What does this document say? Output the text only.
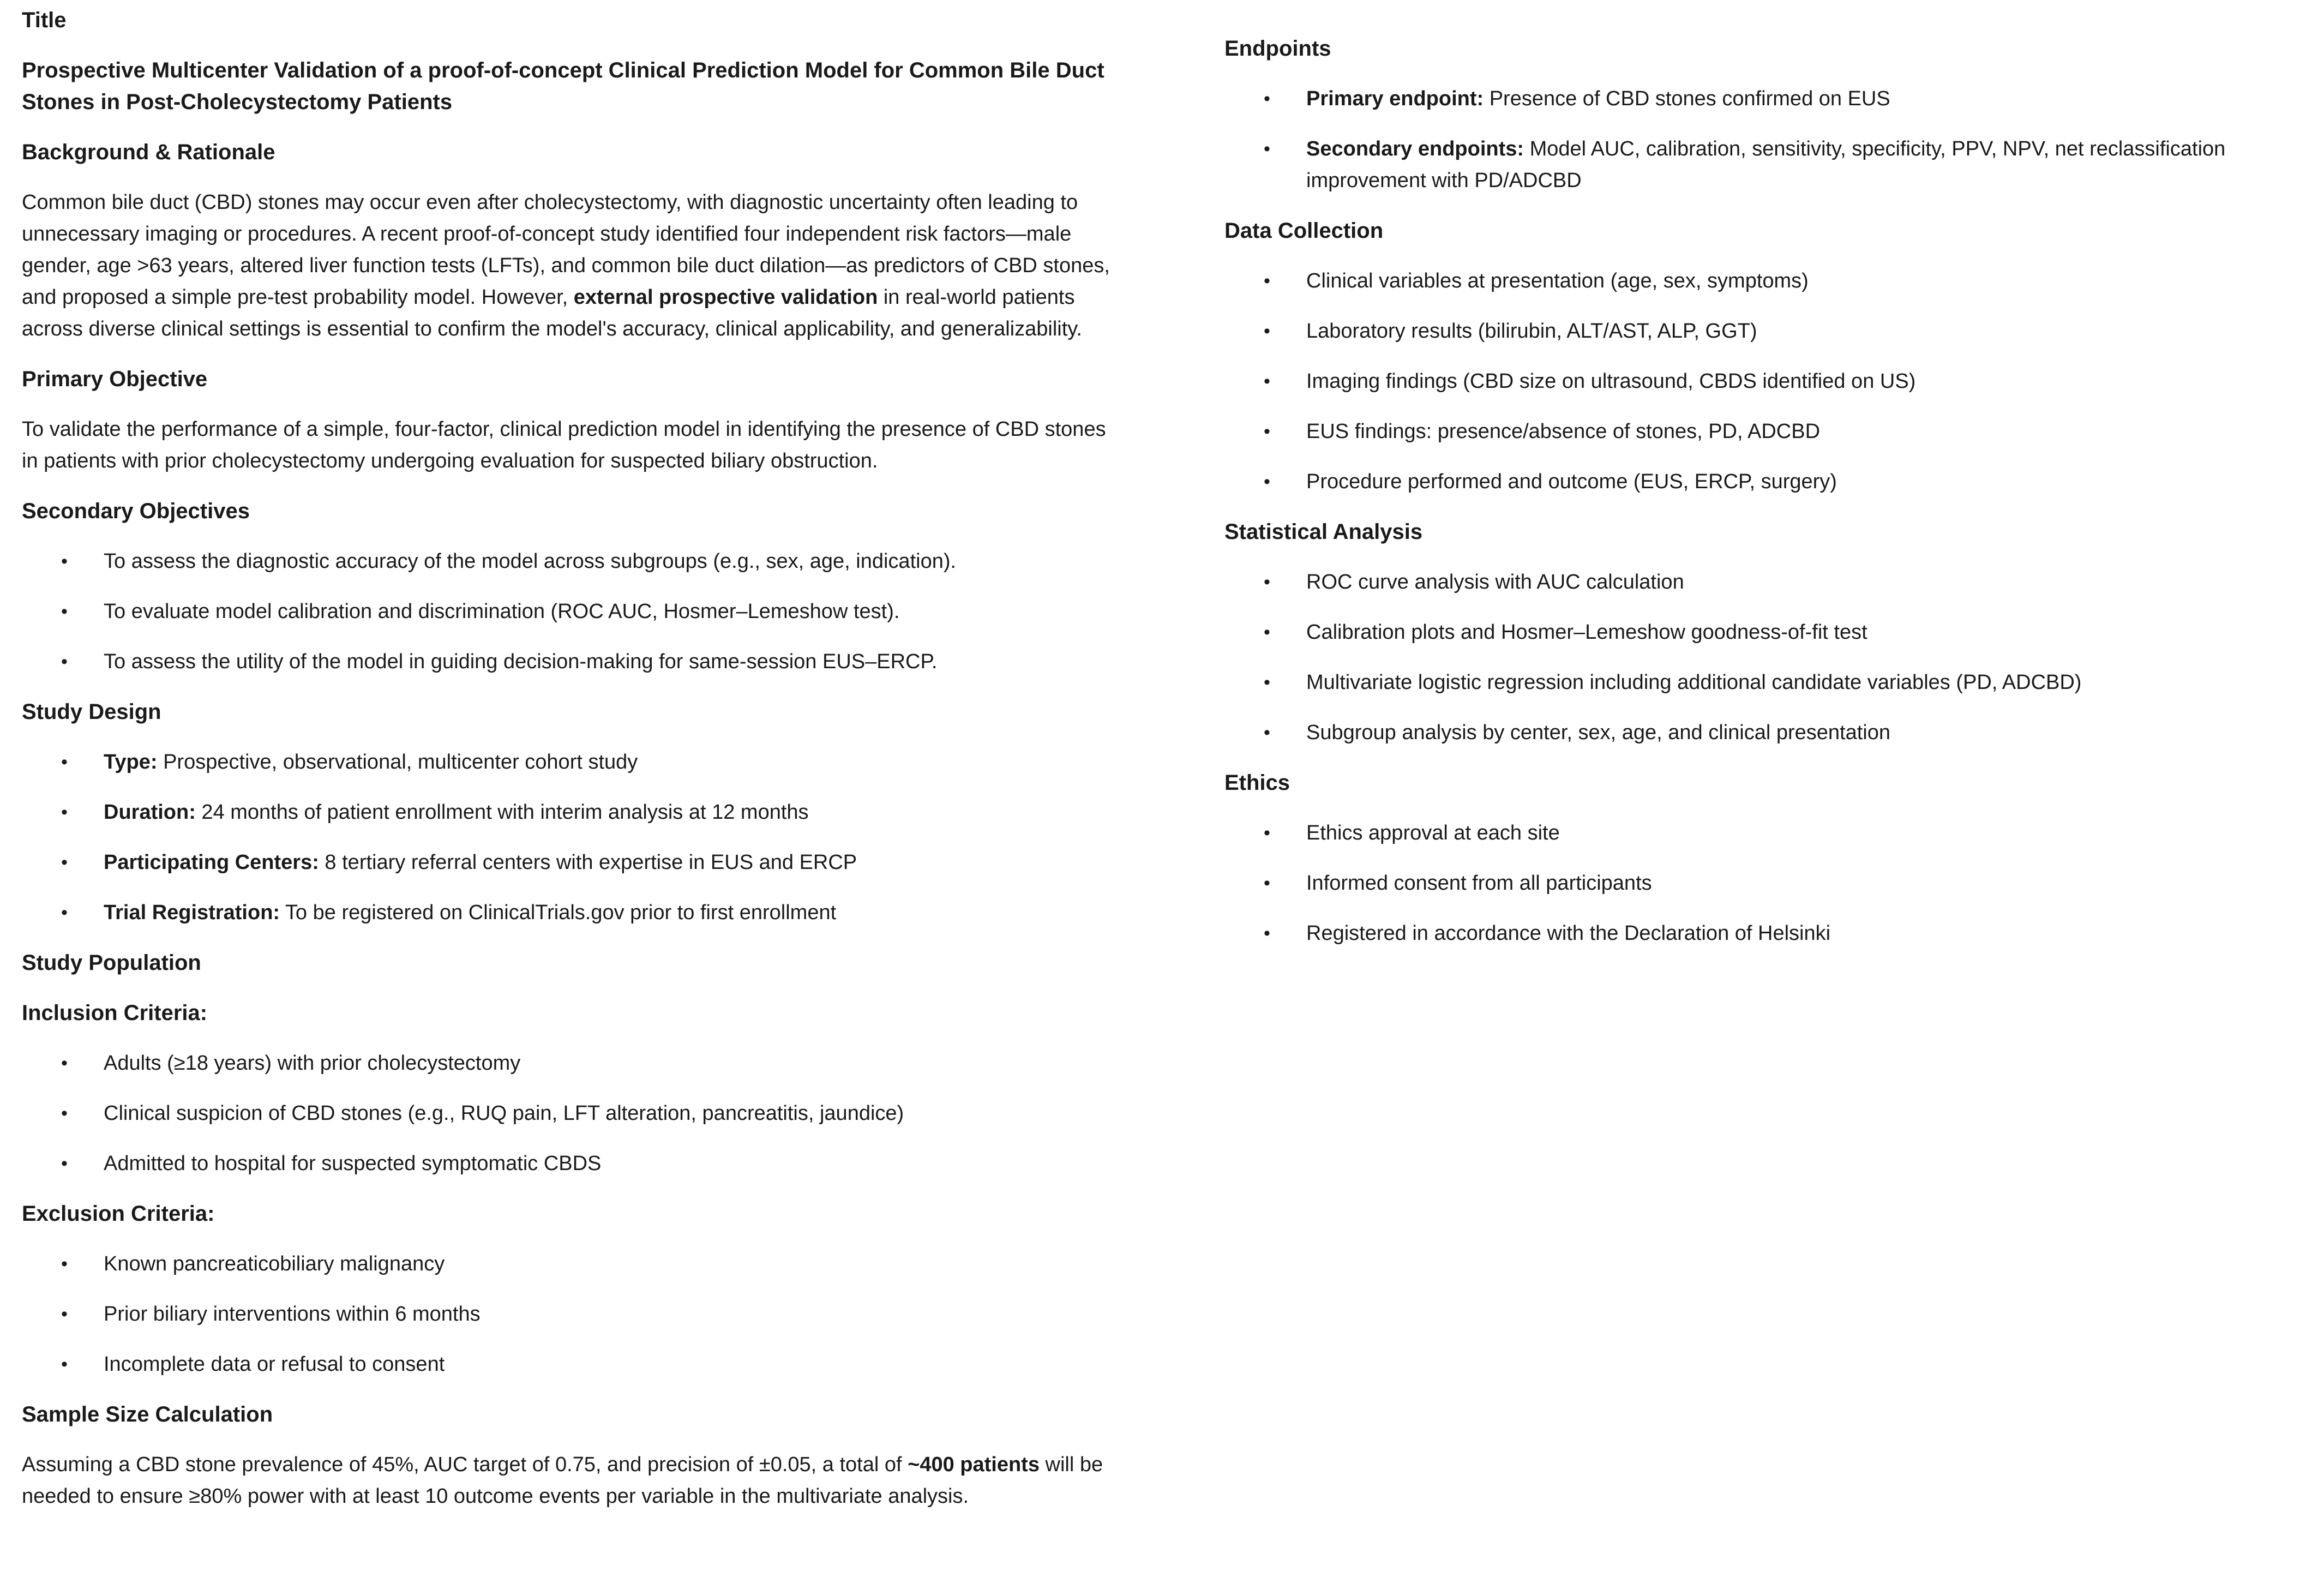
Title
Prospective Multicenter Validation of a proof-of-concept Clinical Prediction Model for Common Bile Duct Stones in Post-Cholecystectomy Patients
Background & Rationale
Common bile duct (CBD) stones may occur even after cholecystectomy, with diagnostic uncertainty often leading to unnecessary imaging or procedures. A recent proof-of-concept study identified four independent risk factors—male gender, age >63 years, altered liver function tests (LFTs), and common bile duct dilation—as predictors of CBD stones, and proposed a simple pre-test probability model. However, external prospective validation in real-world patients across diverse clinical settings is essential to confirm the model's accuracy, clinical applicability, and generalizability.
Primary Objective
To validate the performance of a simple, four-factor, clinical prediction model in identifying the presence of CBD stones in patients with prior cholecystectomy undergoing evaluation for suspected biliary obstruction.
Secondary Objectives
• To assess the diagnostic accuracy of the model across subgroups (e.g., sex, age, indication).
• To evaluate model calibration and discrimination (ROC AUC, Hosmer–Lemeshow test).
• To assess the utility of the model in guiding decision-making for same-session EUS–ERCP.
Study Design
• Type: Prospective, observational, multicenter cohort study
• Duration: 24 months of patient enrollment with interim analysis at 12 months
• Participating Centers: 8 tertiary referral centers with expertise in EUS and ERCP
• Trial Registration: To be registered on ClinicalTrials.gov prior to first enrollment
Study Population
Inclusion Criteria:
• Adults (≥18 years) with prior cholecystectomy
• Clinical suspicion of CBD stones (e.g., RUQ pain, LFT alteration, pancreatitis, jaundice)
• Admitted to hospital for suspected symptomatic CBDS
Exclusion Criteria:
• Known pancreaticobiliary malignancy
• Prior biliary interventions within 6 months
• Incomplete data or refusal to consent
Sample Size Calculation
Assuming a CBD stone prevalence of 45%, AUC target of 0.75, and precision of ±0.05, a total of ~400 patients will be needed to ensure ≥80% power with at least 10 outcome events per variable in the multivariate analysis.
Endpoints
• Primary endpoint: Presence of CBD stones confirmed on EUS
• Secondary endpoints: Model AUC, calibration, sensitivity, specificity, PPV, NPV, net reclassification improvement with PD/ADCBD
Data Collection
• Clinical variables at presentation (age, sex, symptoms)
• Laboratory results (bilirubin, ALT/AST, ALP, GGT)
• Imaging findings (CBD size on ultrasound, CBDS identified on US)
• EUS findings: presence/absence of stones, PD, ADCBD
• Procedure performed and outcome (EUS, ERCP, surgery)
Statistical Analysis
• ROC curve analysis with AUC calculation
• Calibration plots and Hosmer–Lemeshow goodness-of-fit test
• Multivariate logistic regression including additional candidate variables (PD, ADCBD)
• Subgroup analysis by center, sex, age, and clinical presentation
Ethics
• Ethics approval at each site
• Informed consent from all participants
• Registered in accordance with the Declaration of Helsinki
